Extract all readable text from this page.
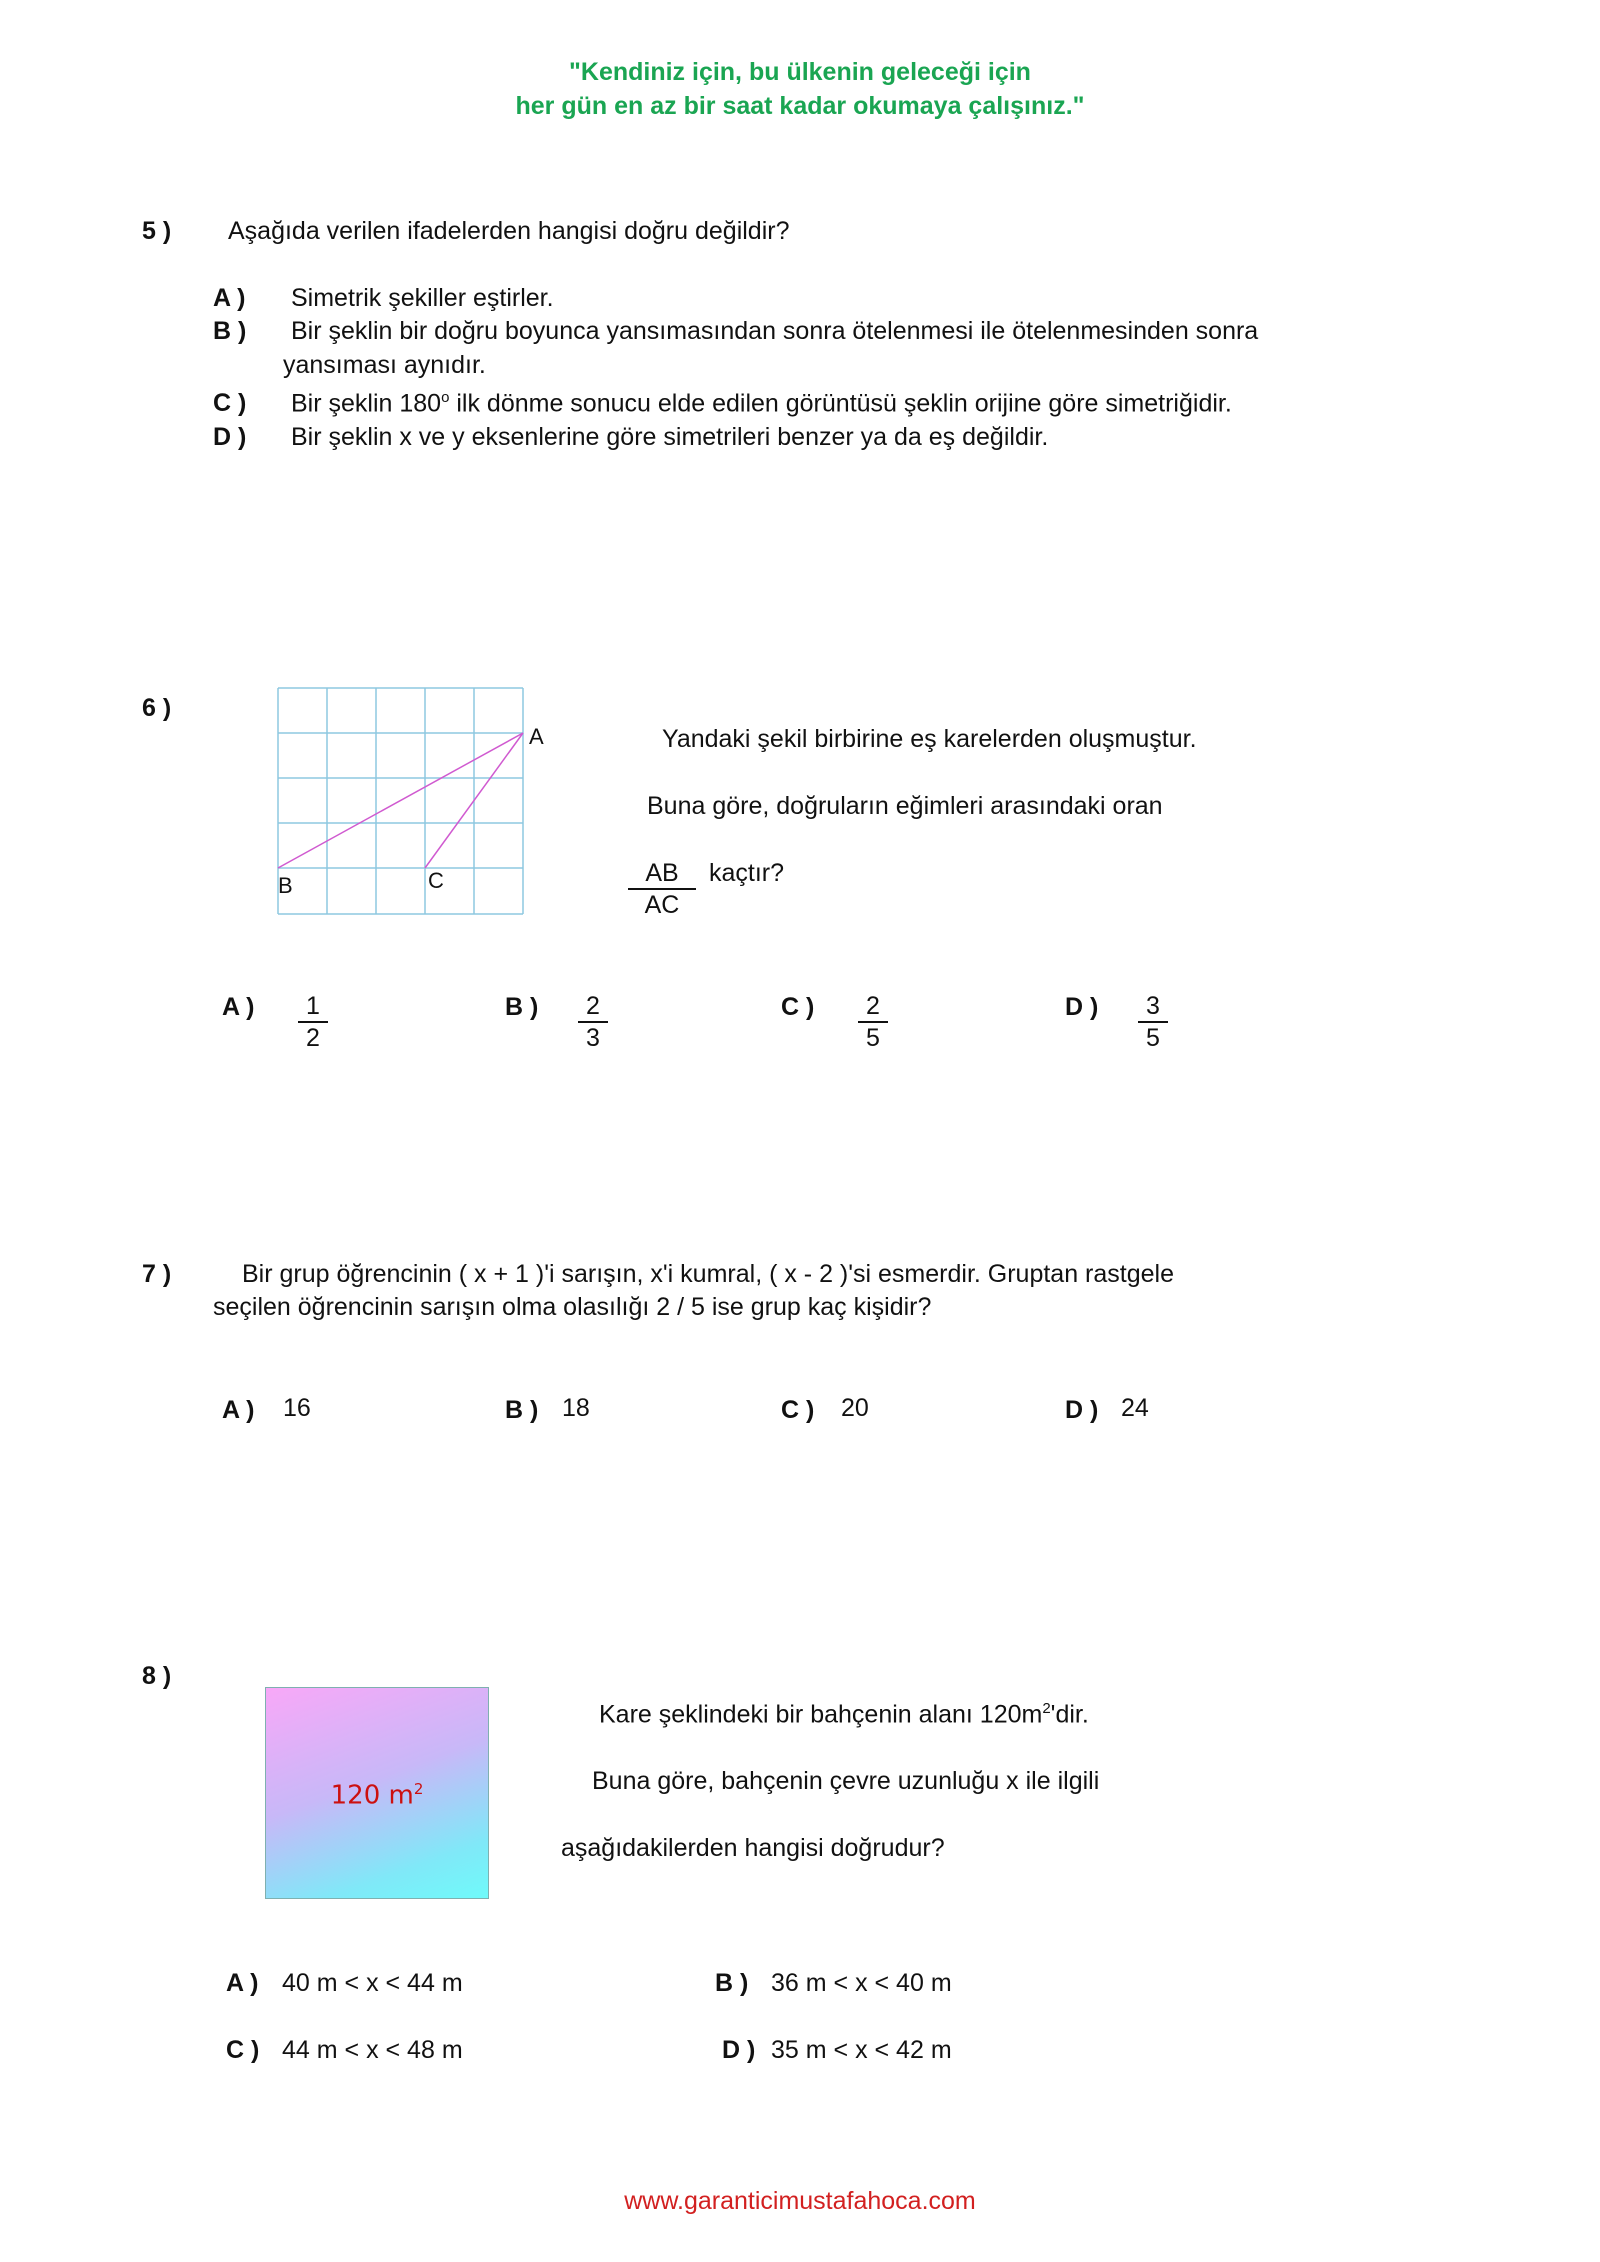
"Kendiniz için, bu ülkenin geleceği için
her gün en az bir saat kadar okumaya çalışınız."
5 ) Aşağıda verilen ifadelerden hangisi doğru değildir?
A ) Simetrik şekiller eştirler.
B ) Bir şeklin bir doğru boyunca yansımasından sonra ötelenmesi ile ötelenmesinden sonra
yansıması aynıdır.
C ) Bir şeklin 180$^o$ ilk dönme sonucu elde edilen görüntüsü şeklin orijine göre simetriğidir.
D ) Bir şeklin x ve y eksenlerine göre simetrileri benzer ya da eş değildir.
6 )
A
B	C
Yandaki şekil birbirine eş karelerden oluşmuştur.
Buna göre, doğruların eğimleri arasındaki oran
$\frac{AB}{AC}$ kaçtır?
A ) $\frac{1}{2}$	B ) $\frac{2}{3}$	C ) $\frac{2}{5}$	D ) $\frac{3}{5}$
7 )	Bir grup öğrencinin ( x + 1 )'i sarışın, x'i kumral, ( x - 2 )'si esmerdir. Gruptan rastgele
seçilen öğrencinin sarışın olma olasılığı 2 / 5 ise grup kaç kişidir?
A ) 16	B ) 18	C ) 20	D ) 24
8 )
120 $m^2$
Kare şeklindeki bir bahçenin alanı $120m^2'dir$.
Buna göre, bahçenin çevre uzunluğu x ile ilgili
aşağıdakilerden hangisi doğrudur?
A ) 40 m < x < 44 m	B ) 36 m < x < 40 m
C ) 44 m < x < 48 m	D ) 35 m < x < 42 m
www.garanticimustafahoca.com
